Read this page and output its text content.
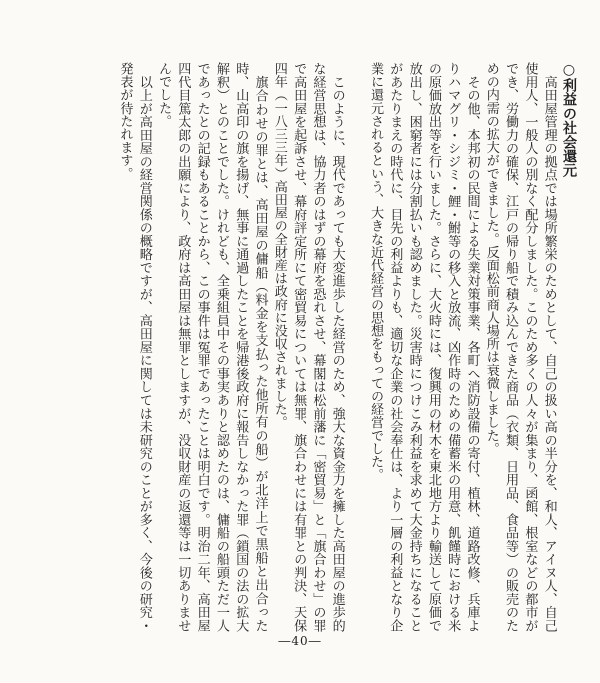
○利益の社会還元

　高田屋管理の拠点では場所繁栄のためとして、自己の扱い高の半分を、和人、アイヌ人、自己使用人、一般人の別なく配分しました。このため多くの人々が集まり、函館、根室などの都市ができ、労働力の確保、江戸の帰り船で積み込んできた商品（衣類、日用品、食品等）の販売のための内需の拡大ができました。反面松前商人場所は衰微しました。

　その他、本邦初の民間による失業対策事業、各町へ消防設備の寄付、植林、道路改修、兵庫よりハマグリ・シジミ・鯉・鮒等の移入と放流、凶作時のための備蓄米の用意、飢饉時における米の原価放出等を行いました。さらに、大火時には、復興用の材木を東北地方より輸送して原価で放出し、困窮者には分割払いも認めました。災害時につけこみ利益を求めて大金持ちになることがあたりまえの時代に、目先の利益よりも、適切な企業の社会奉仕は、より一層の利益となり企業に還元されるという、大きな近代経営の思想をもっての経営でした。

　このように、現代であっても大変進歩した経営のため、強大な資金力を擁した高田屋の進歩的な経営思想は、協力者のはずの幕府を恐れさせ、幕閣は松前藩に「密貿易」と「旗合わせ」の罪で高田屋を起訴させ、幕府評定所にて密貿易については無罪、旗合わせには有罪との判決、天保四年（一八三三年）高田屋の全財産は政府に没収されました。

　旗合わせの罪とは、高田屋の傭船（料金を支払った他所有の船）が北洋上で黒船と出合った時、山高印の旗を揚げ、無事に通過したことを帰港後政府に報告しなかった罪（鎖国の法の拡大解釈）とのことでした。けれども、全乗組員中その事実ありと認めたのは、傭船の船頭ただ一人であったとの記録もあることから、この事件は冤罪であったことは明白です。明治二年、高田屋四代目篤太郎の出願により、政府は高田屋は無罪としますが、没収財産の返還等は一切ありませんでした。

　以上が高田屋の経営関係の概略ですが、高田屋に関しては未研究のことが多く、今後の研究・発表が待たれます。

―40―
